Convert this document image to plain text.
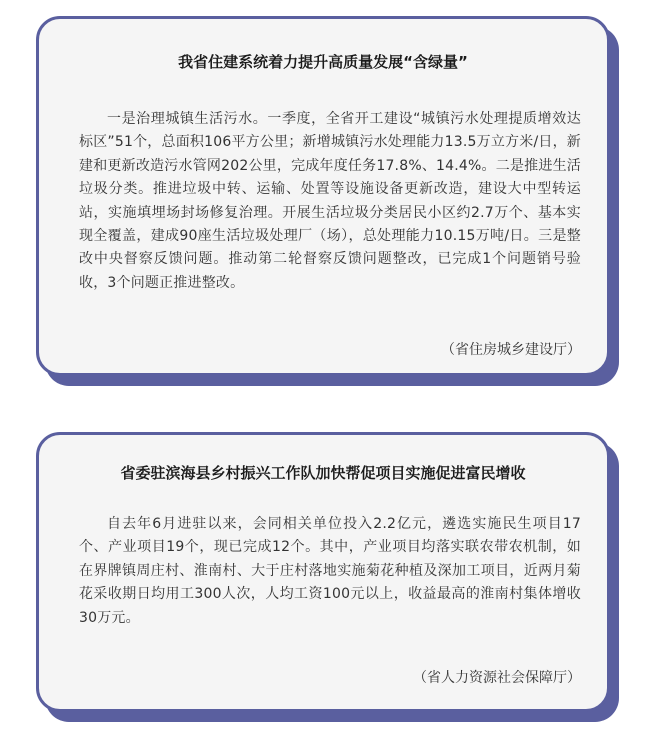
我省住建系统着力提升高质量发展“含绿量”
一是治理城镇生活污水。一季度，全省开工建设“城镇污水处理提质增效达标区”51个，总面积106平方公里；新增城镇污水处理能力13.5万立方米/日，新建和更新改造污水管网202公里，完成年度任务17.8%、14.4%。二是推进生活垃圾分类。推进垃圾中转、运输、处置等设施设备更新改造，建设大中型转运站，实施填埋场封场修复治理。开展生活垃圾分类居民小区约2.7万个、基本实现全覆盖，建成90座生活垃圾处理厂（场），总处理能力10.15万吨/日。三是整改中央督察反馈问题。推动第二轮督察反馈问题整改，已完成1个问题销号验收，3个问题正推进整改。
（省住房城乡建设厅）
省委驻滨海县乡村振兴工作队加快帮促项目实施促进富民增收
自去年6月进驻以来，会同相关单位投入2.2亿元，遴选实施民生项目17个、产业项目19个，现已完成12个。其中，产业项目均落实联农带农机制，如在界牌镇周庄村、淮南村、大于庄村落地实施菊花种植及深加工项目，近两月菊花采收期日均用工300人次，人均工资100元以上，收益最高的淮南村集体增收30万元。
（省人力资源社会保障厅）
